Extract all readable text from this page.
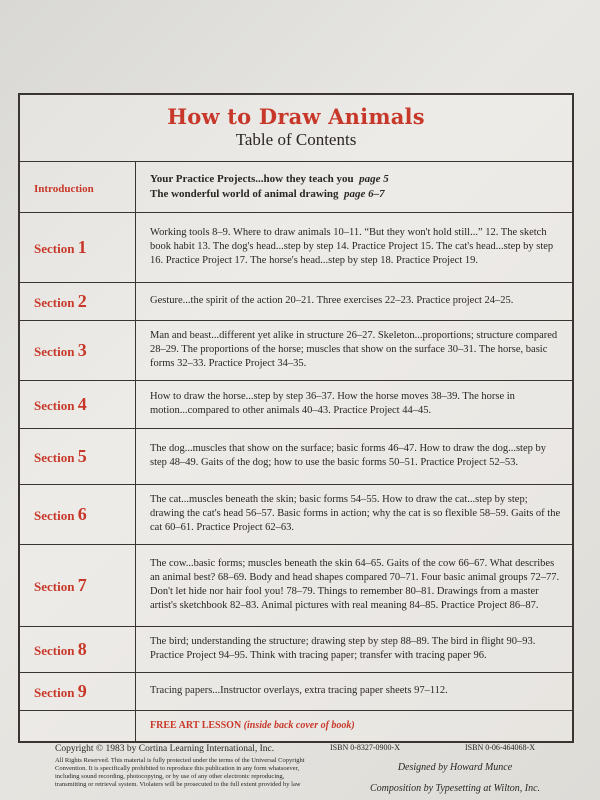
How to Draw Animals
Table of Contents
Introduction	Your Practice Projects...how they teach you page 5
The wonderful world of animal drawing page 6–7

Section 1	Working tools 8–9. Where to draw animals 10–11. “But they won't hold still...” 12. The sketch book habit 13. The dog's head...step by step 14. Practice Project 15. The cat's head...step by step 16. Practice Project 17. The horse's head...step by step 18. Practice Project 19.
Section 2	Gesture...the spirit of the action 20–21. Three exercises 22–23. Practice project 24–25.
Section 3	Man and beast...different yet alike in structure 26–27. Skeleton...proportions; structure compared 28–29. The proportions of the horse; muscles that show on the surface 30–31. The horse, basic forms 32–33. Practice Project 34–35.
Section 4	How to draw the horse...step by step 36–37. How the horse moves 38–39. The horse in motion...compared to other animals 40–43. Practice Project 44–45.
Section 5	The dog...muscles that show on the surface; basic forms 46–47. How to draw the dog...step by step 48–49. Gaits of the dog; how to use the basic forms 50–51. Practice Project 52–53.
Section 6	The cat...muscles beneath the skin; basic forms 54–55. How to draw the cat...step by step; drawing the cat's head 56–57. Basic forms in action; why the cat is so flexible 58–59. Gaits of the cat 60–61. Practice Project 62–63.
Section 7	The cow...basic forms; muscles beneath the skin 64–65. Gaits of the cow 66–67. What describes an animal best? 68–69. Body and head shapes compared 70–71. Four basic animal groups 72–77. Don't let hide nor hair fool you! 78–79. Things to remember 80–81. Drawings from a master artist's sketchbook 82–83. Animal pictures with real meaning 84–85. Practice Project 86–87.
Section 8	The bird; understanding the structure; drawing step by step 88–89. The bird in flight 90–93. Practice Project 94–95. Think with tracing paper; transfer with tracing paper 96.
Section 9	Tracing papers...Instructor overlays, extra tracing paper sheets 97–112.
	FREE ART LESSON (inside back cover of book)
Copyright © 1983 by Cortina Learning International, Inc.
All Rights Reserved. This material is fully protected under the terms of the Universal Copyright Convention. It is specifically prohibited to reproduce this publication in any form whatsoever, including sound recording, photocopying, or by use of any other electronic reproducing, transmitting or retrieval system. Violaters will be prosecuted to the full extent provided by law
ISBN 0-8327-0900-X	ISBN 0-06-464068-X
Designed by Howard Munce
Composition by Typesetting at Wilton, Inc.
